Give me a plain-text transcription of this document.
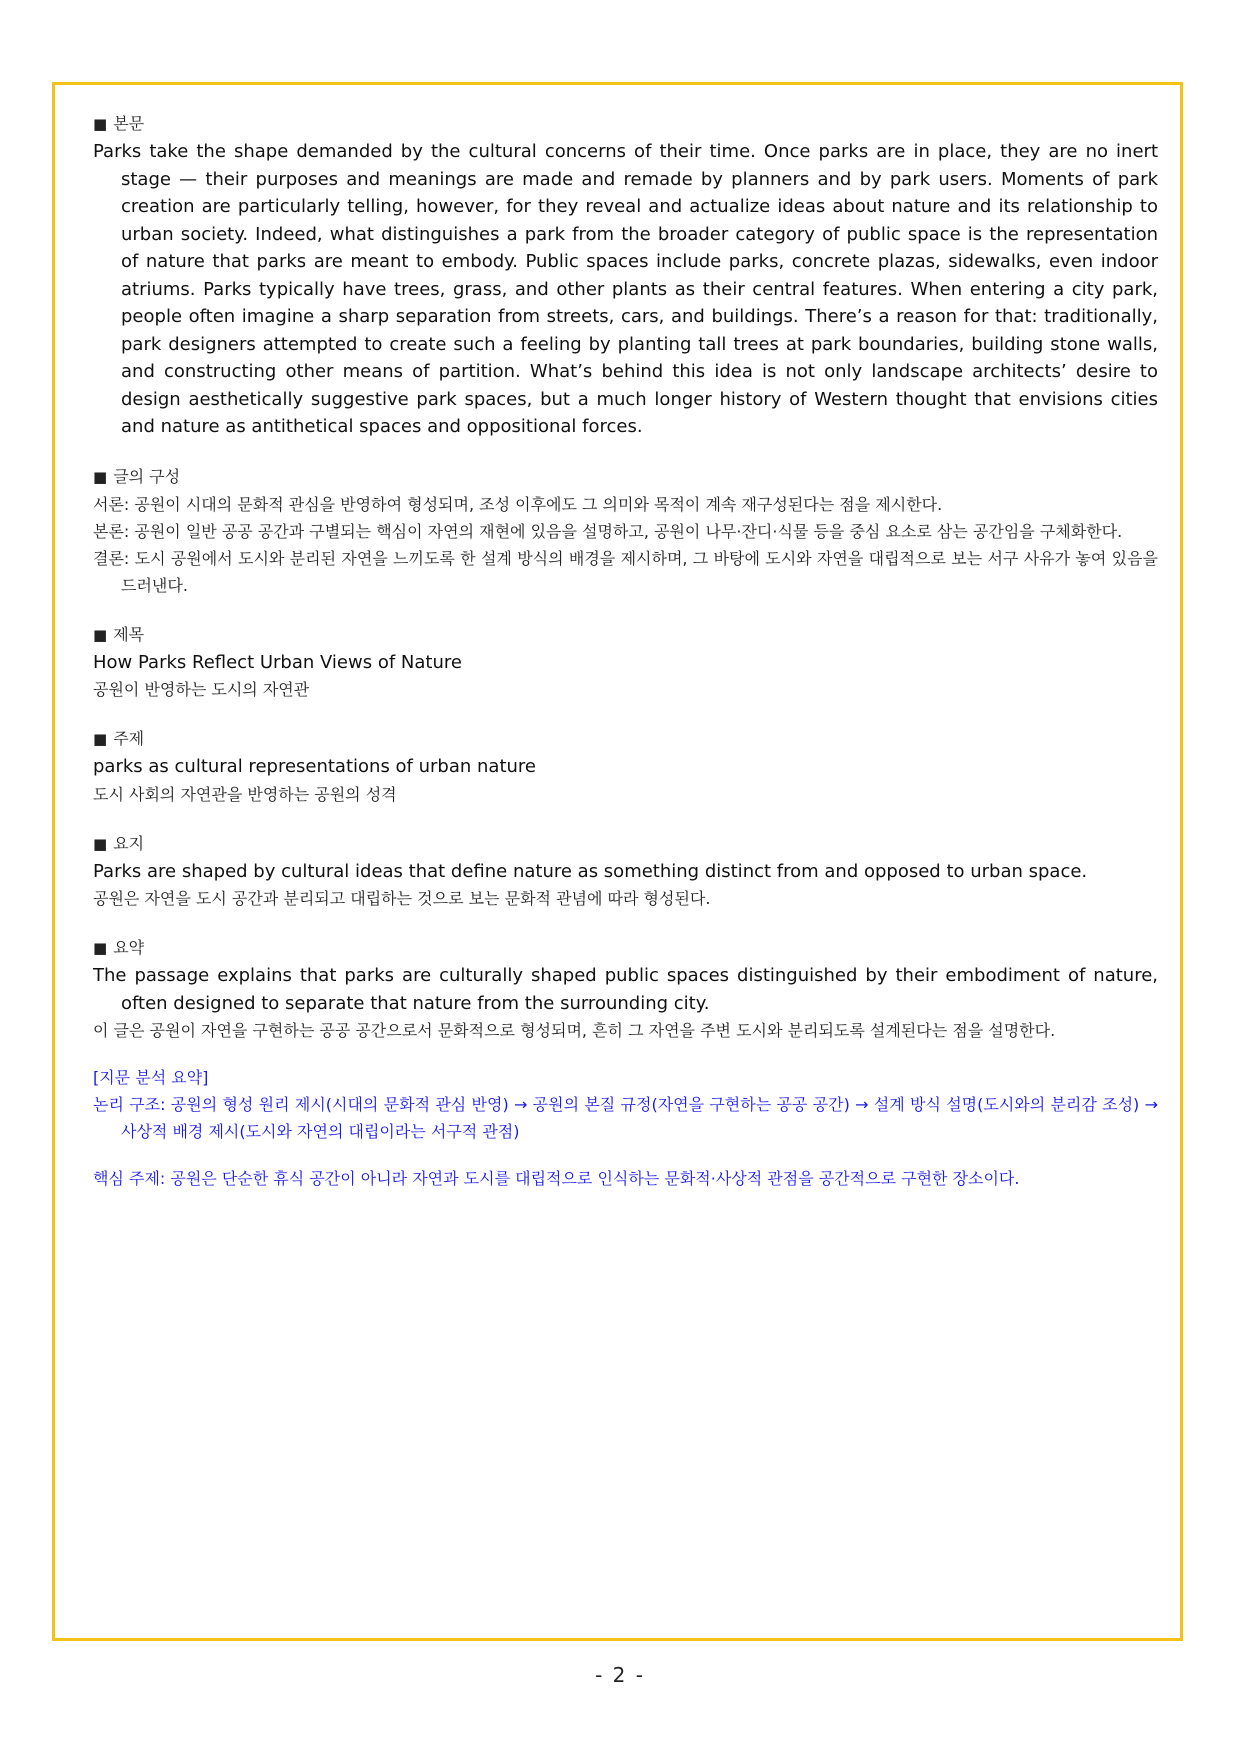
■ 본문
Parks take the shape demanded by the cultural concerns of their time. Once parks are in place, they are no inert stage — their purposes and meanings are made and remade by planners and by park users. Moments of park creation are particularly telling, however, for they reveal and actualize ideas about nature and its relationship to urban society. Indeed, what distinguishes a park from the broader category of public space is the representation of nature that parks are meant to embody. Public spaces include parks, concrete plazas, sidewalks, even indoor atriums. Parks typically have trees, grass, and other plants as their central features. When entering a city park, people often imagine a sharp separation from streets, cars, and buildings. There’s a reason for that: traditionally, park designers attempted to create such a feeling by planting tall trees at park boundaries, building stone walls, and constructing other means of partition. What’s behind this idea is not only landscape architects’ desire to design aesthetically suggestive park spaces, but a much longer history of Western thought that envisions cities and nature as antithetical spaces and oppositional forces.
■ 글의 구성
서론: 공원이 시대의 문화적 관심을 반영하여 형성되며, 조성 이후에도 그 의미와 목적이 계속 재구성된다는 점을 제시한다.
본론: 공원이 일반 공공 공간과 구별되는 핵심이 자연의 재현에 있음을 설명하고, 공원이 나무·잔디·식물 등을 중심 요소로 삼는 공간임을 구체화한다.
결론: 도시 공원에서 도시와 분리된 자연을 느끼도록 한 설계 방식의 배경을 제시하며, 그 바탕에 도시와 자연을 대립적으로 보는 서구 사유가 놓여 있음을 드러낸다.
■ 제목
How Parks Reflect Urban Views of Nature
공원이 반영하는 도시의 자연관
■ 주제
parks as cultural representations of urban nature
도시 사회의 자연관을 반영하는 공원의 성격
■ 요지
Parks are shaped by cultural ideas that define nature as something distinct from and opposed to urban space.
공원은 자연을 도시 공간과 분리되고 대립하는 것으로 보는 문화적 관념에 따라 형성된다.
■ 요약
The passage explains that parks are culturally shaped public spaces distinguished by their embodiment of nature, often designed to separate that nature from the surrounding city.
이 글은 공원이 자연을 구현하는 공공 공간으로서 문화적으로 형성되며, 흔히 그 자연을 주변 도시와 분리되도록 설계된다는 점을 설명한다.
[지문 분석 요약]
논리 구조: 공원의 형성 원리 제시(시대의 문화적 관심 반영) → 공원의 본질 규정(자연을 구현하는 공공 공간) → 설계 방식 설명(도시와의 분리감 조성) → 사상적 배경 제시(도시와 자연의 대립이라는 서구적 관점)
핵심 주제: 공원은 단순한 휴식 공간이 아니라 자연과 도시를 대립적으로 인식하는 문화적·사상적 관점을 공간적으로 구현한 장소이다.
- 2 -
